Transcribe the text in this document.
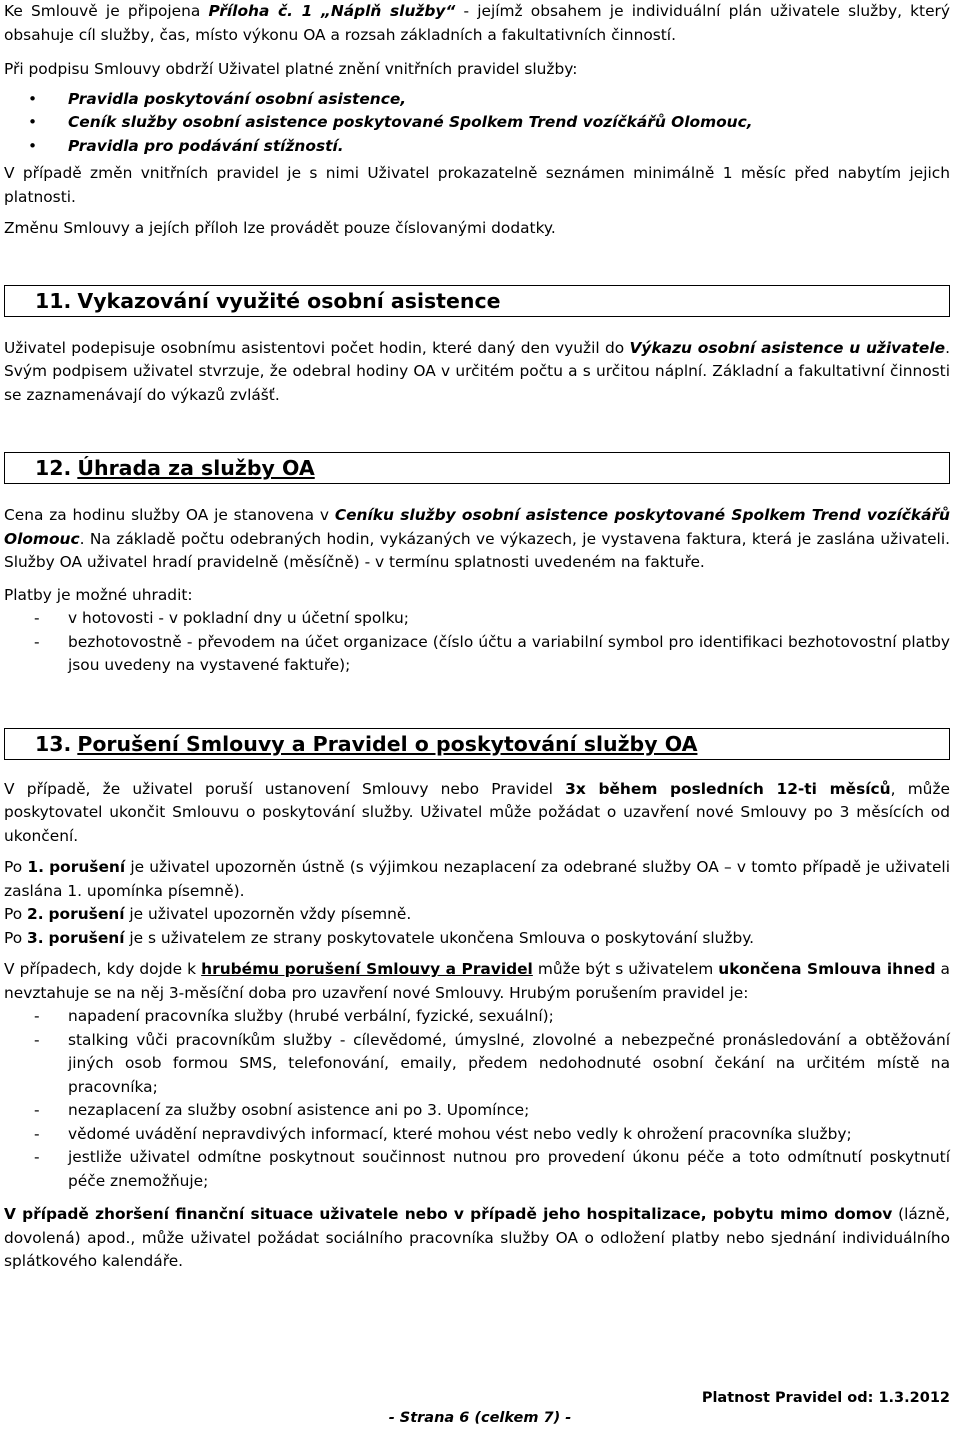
Ke Smlouvě je připojena Příloha č. 1 „Náplň služby“ - jejímž obsahem je individuální plán uživatele služby, který obsahuje cíl služby, čas, místo výkonu OA a rozsah základních a fakultativních činností.

Při podpisu Smlouvy obdrží Uživatel platné znění vnitřních pravidel služby:

• Pravidla poskytování osobní asistence,
• Ceník služby osobní asistence poskytované Spolkem Trend vozíčkářů Olomouc,
• Pravidla pro podávání stížností.

V případě změn vnitřních pravidel je s nimi Uživatel prokazatelně seznámen minimálně 1 měsíc před nabytím jejich platnosti.

Změnu Smlouvy a jejích příloh lze provádět pouze číslovanými dodatky.

11. Vykazování využité osobní asistence

Uživatel podepisuje osobnímu asistentovi počet hodin, které daný den využil do Výkazu osobní asistence u uživatele. Svým podpisem uživatel stvrzuje, že odebral hodiny OA v určitém počtu a s určitou náplní. Základní a fakultativní činnosti se zaznamenávají do výkazů zvlášť.

12. Úhrada za služby OA

Cena za hodinu služby OA je stanovena v Ceníku služby osobní asistence poskytované Spolkem Trend vozíčkářů Olomouc. Na základě počtu odebraných hodin, vykázaných ve výkazech, je vystavena faktura, která je zaslána uživateli. Služby OA uživatel hradí pravidelně (měsíčně) - v termínu splatnosti uvedeném na faktuře.

Platby je možné uhradit:

- v hotovosti - v pokladní dny u účetní spolku;
- bezhotovostně - převodem na účet organizace (číslo účtu a variabilní symbol pro identifikaci bezhotovostní platby jsou uvedeny na vystavené faktuře);
13. Porušení Smlouvy a Pravidel o poskytování služby OA

V případě, že uživatel poruší ustanovení Smlouvy nebo Pravidel 3x během posledních 12-ti měsíců, může poskytovatel ukončit Smlouvu o poskytování služby. Uživatel může požádat o uzavření nové Smlouvy po 3 měsících od ukončení.

Po 1. porušení je uživatel upozorněn ústně (s výjimkou nezaplacení za odebrané služby OA – v tomto případě je uživateli zaslána 1. upomínka písemně).
Po 2. porušení je uživatel upozorněn vždy písemně.
Po 3. porušení je s uživatelem ze strany poskytovatele ukončena Smlouva o poskytování služby.

V případech, kdy dojde k hrubému porušení Smlouvy a Pravidel může být s uživatelem ukončena Smlouva ihned a nevztahuje se na něj 3-měsíční doba pro uzavření nové Smlouvy. Hrubým porušením pravidel je:

- napadení pracovníka služby (hrubé verbální, fyzické, sexuální);
- stalking vůči pracovníkům služby - cílevědomé, úmyslné, zlovolné a nebezpečné pronásledování a obtěžování jiných osob formou SMS, telefonování, emaily, předem nedohodnuté osobní čekání na určitém místě na pracovníka;
- nezaplacení za služby osobní asistence ani po 3. Upomínce;
- vědomé uvádění nepravdivých informací, které mohou vést nebo vedly k ohrožení pracovníka služby;
- jestliže uživatel odmítne poskytnout součinnost nutnou pro provedení úkonu péče a toto odmítnutí poskytnutí péče znemožňuje;

V případě zhoršení finanční situace uživatele nebo v případě jeho hospitalizace, pobytu mimo domov (lázně, dovolená) apod., může uživatel požádat sociálního pracovníka služby OA o odložení platby nebo sjednání individuálního splátkového kalendáře.

Platnost Pravidel od: 1.3.2012
- Strana 6 (celkem 7) -
